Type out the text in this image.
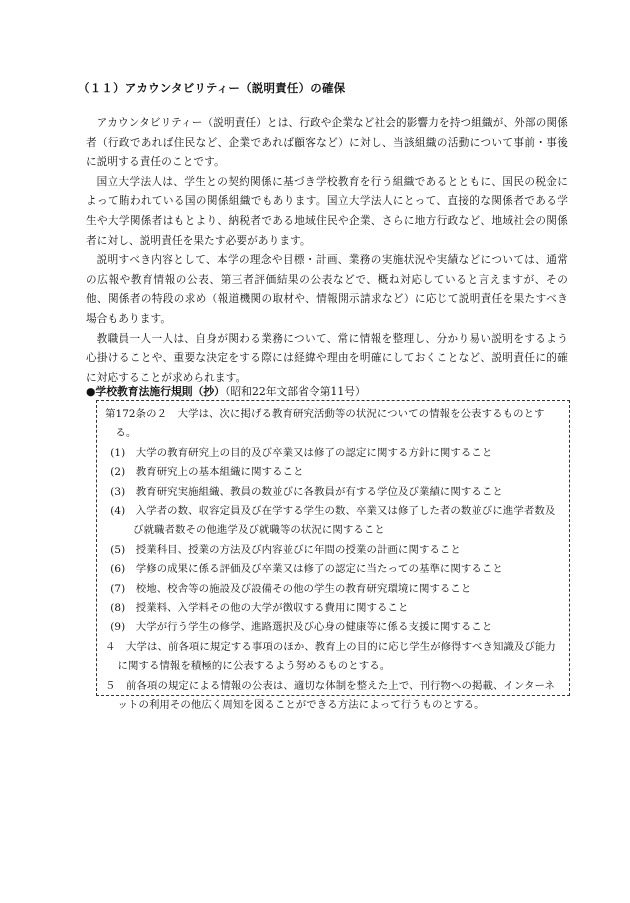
（１１）アカウンタビリティー（説明責任）の確保

アカウンタビリティー（説明責任）とは、行政や企業など社会的影響力を持つ組織が、外部の関係者（行政であれば住民など、企業であれば顧客など）に対し、当該組織の活動について事前・事後に説明する責任のことです。

国立大学法人は、学生との契約関係に基づき学校教育を行う組織であるとともに、国民の税金によって賄われている国の関係組織でもあります。国立大学法人にとって、直接的な関係者である学生や大学関係者はもとより、納税者である地域住民や企業、さらに地方行政など、地域社会の関係者に対し、説明責任を果たす必要があります。

説明すべき内容として、本学の理念や目標・計画、業務の実施状況や実績などについては、通常の広報や教育情報の公表、第三者評価結果の公表などで、概ね対応していると言えますが、その他、関係者の特段の求め（報道機関の取材や、情報開示請求など）に応じて説明責任を果たすべき場合もあります。

教職員一人一人は、自身が関わる業務について、常に情報を整理し、分かり易い説明をするよう心掛けることや、重要な決定をする際には経緯や理由を明確にしておくことなど、説明責任に的確に対応することが求められます。

●学校教育法施行規則（抄）（昭和22年文部省令第11号）
第172条の２　大学は、次に掲げる教育研究活動等の状況についての情報を公表するものとする。
(1)　大学の教育研究上の目的及び卒業又は修了の認定に関する方針に関すること
(2)　教育研究上の基本組織に関すること
(3)　教育研究実施組織、教員の数並びに各教員が有する学位及び業績に関すること
(4)　入学者の数、収容定員及び在学する学生の数、卒業又は修了した者の数並びに進学者数及び就職者数その他進学及び就職等の状況に関すること
(5)　授業科目、授業の方法及び内容並びに年間の授業の計画に関すること
(6)　学修の成果に係る評価及び卒業又は修了の認定に当たっての基準に関すること
(7)　校地、校舎等の施設及び設備その他の学生の教育研究環境に関すること
(8)　授業料、入学料その他の大学が徴収する費用に関すること
(9)　大学が行う学生の修学、進路選択及び心身の健康等に係る支援に関すること
４　大学は、前各項に規定する事項のほか、教育上の目的に応じ学生が修得すべき知識及び能力に関する情報を積極的に公表するよう努めるものとする。
５　前各項の規定による情報の公表は、適切な体制を整えた上で、刊行物への掲載、インターネットの利用その他広く周知を図ることができる方法によって行うものとする。
